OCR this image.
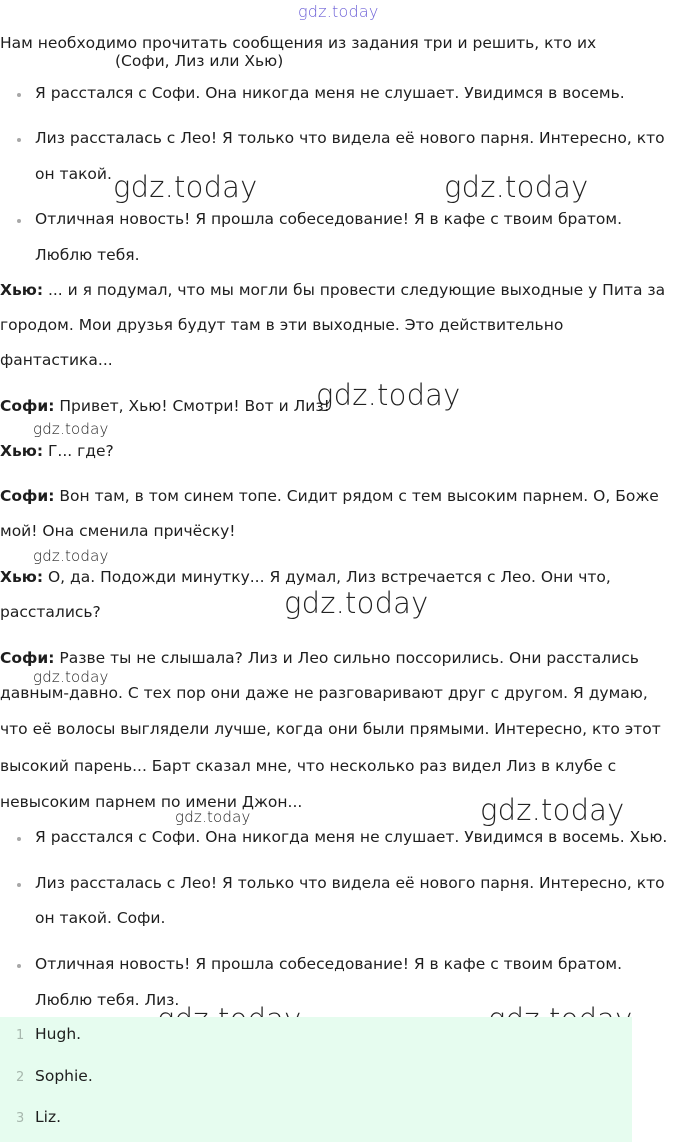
gdz.today
gdz.today	gdz.today
gdz.today
gdz.today
gdz.today
gdz.today
gdz.today
gdz.today
gdz.today
Нам необходимо прочитать сообщения из задания три и решить, кто их
(Софи, Лиз или Хью)
Я расстался с Софи. Она никогда меня не слушает. Увидимся в восемь.
Лиз рассталась с Лео! Я только что видела её нового парня. Интересно, кто
он такой.
Отличная новость! Я прошла собеседование! Я в кафе с твоим братом.
Люблю тебя.
Хью: ... и я подумал, что мы могли бы провести следующие выходные у Пита за
городом. Мои друзья будут там в эти выходные. Это действительно
фантастика...
Софи: Привет, Хью! Смотри! Вот и Лиз!
Хью: Г... где?
Софи: Вон там, в том синем топе. Сидит рядом с тем высоким парнем. О, Боже
мой! Она сменила причёску!
Хью: О, да. Подожди минутку... Я думал, Лиз встречается с Лео. Они что,
расстались?
Софи: Разве ты не слышала? Лиз и Лео сильно поссорились. Они расстались
давным-давно. С тех пор они даже не разговаривают друг с другом. Я думаю,
что её волосы выглядели лучше, когда они были прямыми. Интересно, кто этот
высокий парень... Барт сказал мне, что несколько раз видел Лиз в клубе с
невысоким парнем по имени Джон...
Я расстался с Софи. Она никогда меня не слушает. Увидимся в восемь. Хью.
Лиз рассталась с Лео! Я только что видела её нового парня. Интересно, кто
он такой. Софи.
Отличная новость! Я прошла собеседование! Я в кафе с твоим братом.
Люблю тебя. Лиз.
1 Hugh.
2 Sophie.
3 Liz.
